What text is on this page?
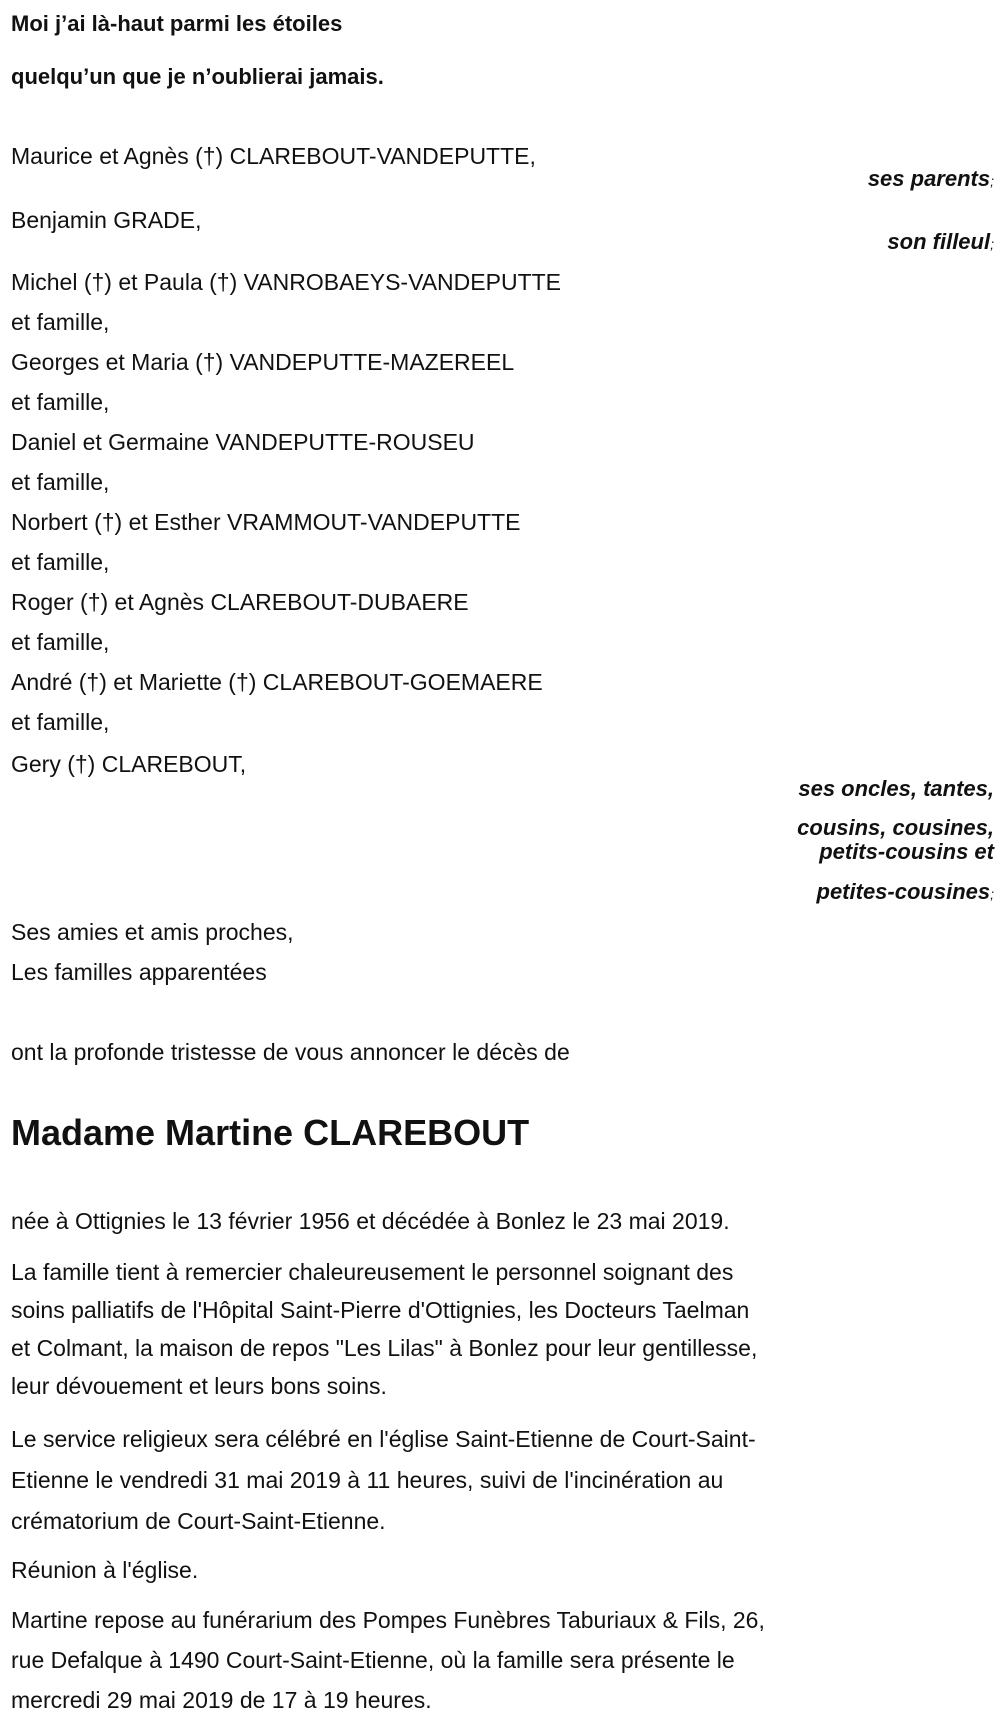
Moi j’ai là-haut parmi les étoiles
quelqu’un que je n’oublierai jamais.
Maurice et Agnès (†) CLAREBOUT-VANDEPUTTE,
ses parents;
Benjamin GRADE,
son filleul;
Michel (†) et Paula (†) VANROBAEYS-VANDEPUTTE
et famille,
Georges et Maria (†) VANDEPUTTE-MAZEREEL
et famille,
Daniel et Germaine VANDEPUTTE-ROUSEU
et famille,
Norbert (†) et Esther VRAMMOUT-VANDEPUTTE
et famille,
Roger (†) et Agnès CLAREBOUT-DUBAERE
et famille,
André (†) et Mariette (†) CLAREBOUT-GOEMAERE
et famille,
Gery (†) CLAREBOUT,
ses oncles, tantes,
cousins, cousines,
petits-cousins et
petites-cousines;
Ses amies et amis proches,
Les familles apparentées
ont la profonde tristesse de vous annoncer le décès de
Madame Martine CLAREBOUT
née à Ottignies le 13 février 1956 et décédée à Bonlez le 23 mai 2019.
La famille tient à remercier chaleureusement le personnel soignant des
soins palliatifs de l'Hôpital Saint-Pierre d'Ottignies, les Docteurs Taelman
et Colmant, la maison de repos "Les Lilas" à Bonlez pour leur gentillesse,
leur dévouement et leurs bons soins.
Le service religieux sera célébré en l'église Saint-Etienne de Court-Saint-
Etienne le vendredi 31 mai 2019 à 11 heures, suivi de l'incinération au
crématorium de Court-Saint-Etienne.
Réunion à l'église.
Martine repose au funérarium des Pompes Funèbres Taburiaux & Fils, 26,
rue Defalque à 1490 Court-Saint-Etienne, où la famille sera présente le
mercredi 29 mai 2019 de 17 à 19 heures.
